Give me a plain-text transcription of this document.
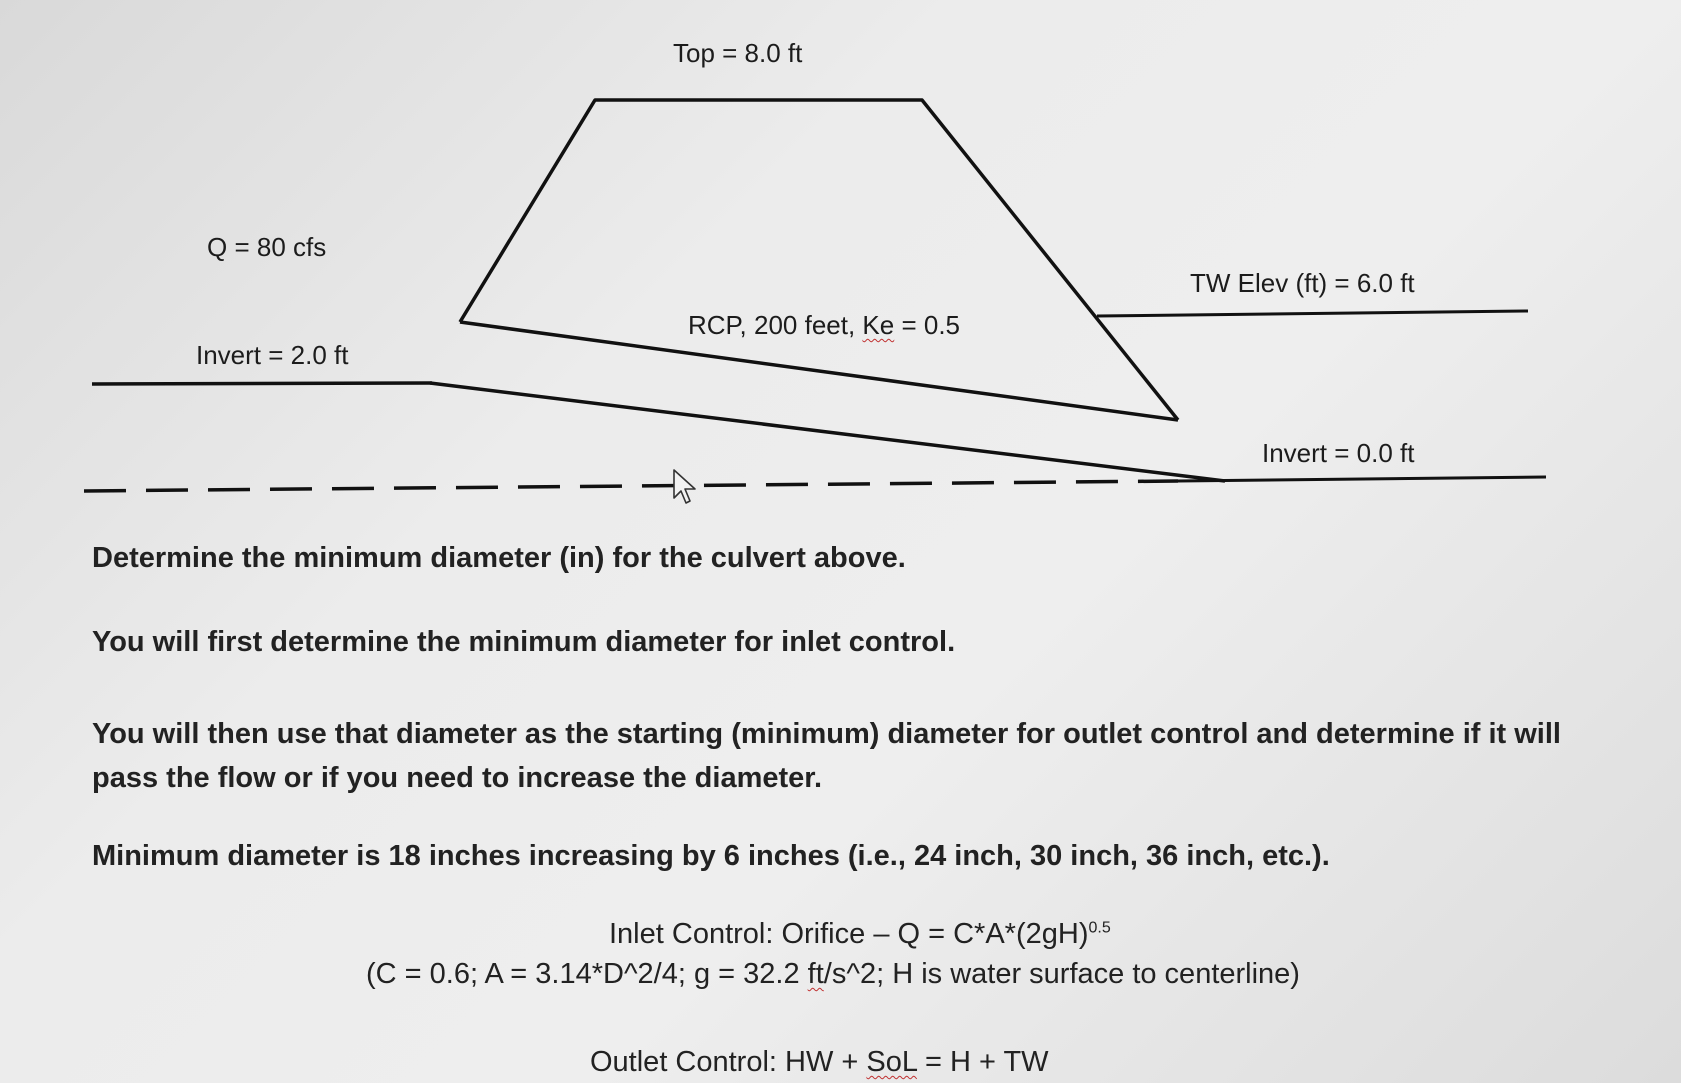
Top = 8.0 ft
Q = 80 cfs
Invert = 2.0 ft
RCP, 200 feet, Ke = 0.5
TW Elev (ft) = 6.0 ft
Invert = 0.0 ft
Determine the minimum diameter (in) for the culvert above.
You will first determine the minimum diameter for inlet control.
You will then use that diameter as the starting (minimum) diameter for outlet control and determine if it will pass the flow or if you need to increase the diameter.
Minimum diameter is 18 inches increasing by 6 inches (i.e., 24 inch, 30 inch, 36 inch, etc.).
Inlet Control: Orifice – $Q = C*A*(2gH)^{0.5}$
(C = 0.6; A = 3.14*D^2/4; g = 32.2 ft/s^2; H is water surface to centerline)
Outlet Control: HW + SoL = H + TW
